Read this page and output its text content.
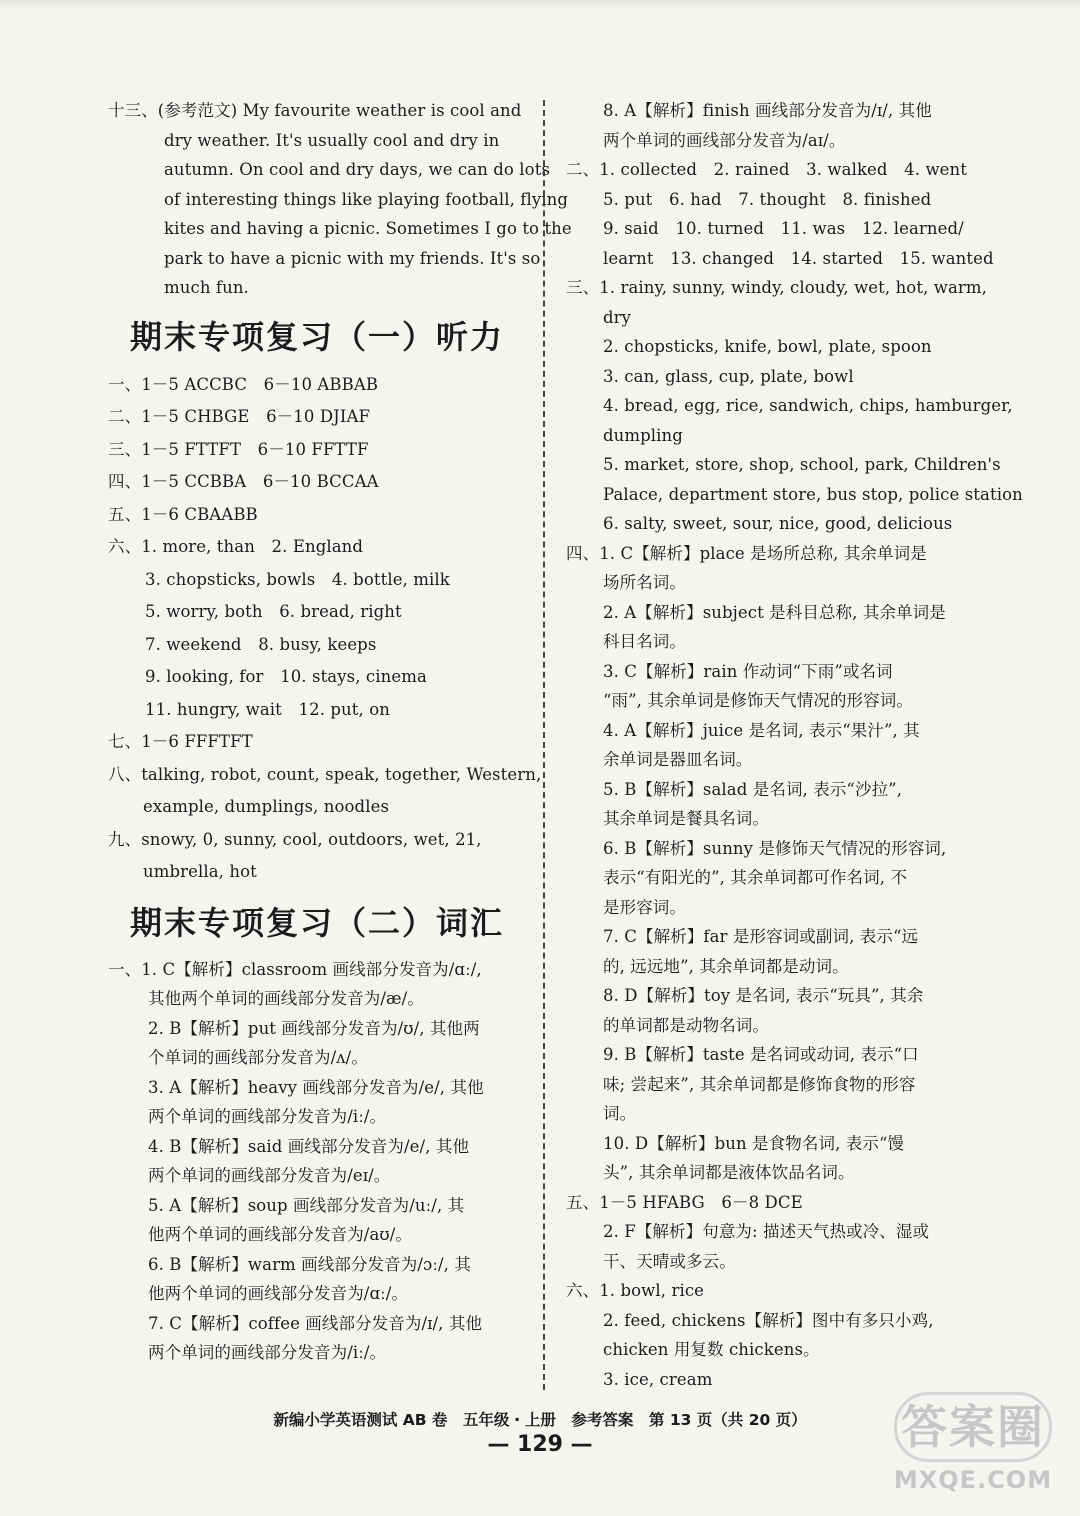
十三、(参考范文) My favourite weather is cool and
dry weather. It's usually cool and dry in
autumn. On cool and dry days, we can do lots
of interesting things like playing football, flying
kites and having a picnic. Sometimes I go to the
park to have a picnic with my friends. It's so
much fun.
期末专项复习（一）听力
一、1－5 ACCBC　6－10 ABBAB
二、1－5 CHBGE　6－10 DJIAF
三、1－5 FTTFT　6－10 FFTTF
四、1－5 CCBBA　6－10 BCCAA
五、1－6 CBAABB
六、1. more, than　2. England
3. chopsticks, bowls　4. bottle, milk
5. worry, both　6. bread, right
7. weekend　8. busy, keeps
9. looking, for　10. stays, cinema
11. hungry, wait　12. put, on
七、1－6 FFFTFT
八、talking, robot, count, speak, together, Western,
example, dumplings, noodles
九、snowy, 0, sunny, cool, outdoors, wet, 21,
umbrella, hot
期末专项复习（二）词汇
一、1. C【解析】classroom 画线部分发音为/ɑː/,
其他两个单词的画线部分发音为/æ/。
2. B【解析】put 画线部分发音为/ʊ/, 其他两
个单词的画线部分发音为/ʌ/。
3. A【解析】heavy 画线部分发音为/e/, 其他
两个单词的画线部分发音为/iː/。
4. B【解析】said 画线部分发音为/e/, 其他
两个单词的画线部分发音为/eɪ/。
5. A【解析】soup 画线部分发音为/uː/, 其
他两个单词的画线部分发音为/aʊ/。
6. B【解析】warm 画线部分发音为/ɔː/, 其
他两个单词的画线部分发音为/ɑː/。
7. C【解析】coffee 画线部分发音为/ɪ/, 其他
两个单词的画线部分发音为/iː/。
8. A【解析】finish 画线部分发音为/ɪ/, 其他
两个单词的画线部分发音为/aɪ/。
二、1. collected　2. rained　3. walked　4. went
5. put　6. had　7. thought　8. finished
9. said　10. turned　11. was　12. learned/
learnt　13. changed　14. started　15. wanted
三、1. rainy, sunny, windy, cloudy, wet, hot, warm,
dry
2. chopsticks, knife, bowl, plate, spoon
3. can, glass, cup, plate, bowl
4. bread, egg, rice, sandwich, chips, hamburger,
dumpling
5. market, store, shop, school, park, Children's
Palace, department store, bus stop, police station
6. salty, sweet, sour, nice, good, delicious
四、1. C【解析】place 是场所总称, 其余单词是
场所名词。
2. A【解析】subject 是科目总称, 其余单词是
科目名词。
3. C【解析】rain 作动词“下雨”或名词
“雨”, 其余单词是修饰天气情况的形容词。
4. A【解析】juice 是名词, 表示“果汁”, 其
余单词是器皿名词。
5. B【解析】salad 是名词, 表示“沙拉”,
其余单词是餐具名词。
6. B【解析】sunny 是修饰天气情况的形容词,
表示“有阳光的”, 其余单词都可作名词, 不
是形容词。
7. C【解析】far 是形容词或副词, 表示“远
的, 远远地”, 其余单词都是动词。
8. D【解析】toy 是名词, 表示“玩具”, 其余
的单词都是动物名词。
9. B【解析】taste 是名词或动词, 表示“口
味; 尝起来”, 其余单词都是修饰食物的形容
词。
10. D【解析】bun 是食物名词, 表示“馒
头”, 其余单词都是液体饮品名词。
五、1－5 HFABG　6－8 DCE
2. F【解析】句意为: 描述天气热或冷、湿或
干、天晴或多云。
六、1. bowl, rice
2. feed, chickens【解析】图中有多只小鸡,
chicken 用复数 chickens。
3. ice, cream
新编小学英语测试 AB 卷　五年级・上册　参考答案　第 13 页（共 20 页）
— 129 —	答案圈
MXQE.COM
